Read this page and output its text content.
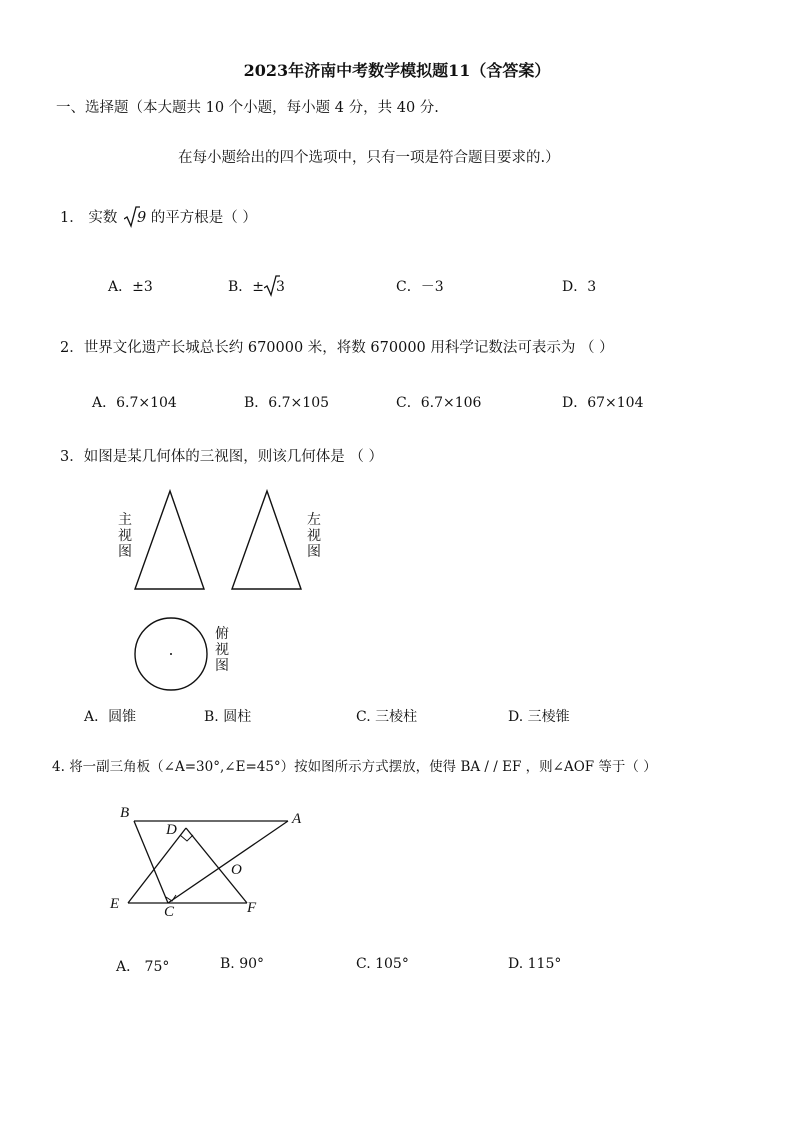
2023年济南中考数学模拟题11（含答案）
一、选择题（本大题共 10 个小题，每小题 4 分，共 40 分.
在每小题给出的四个选项中，只有一项是符合题目要求的.）
1． 实数 9 的平方根是（ ）
A．±3	B．± 3	C．－3	D．3
2．世界文化遗产长城总长约 670000 米，将数 670000 用科学记数法可表示为 （ ）
A．6.7×104	B．6.7×105	C．6.7×106	D．67×104
3．如图是某几何体的三视图，则该几何体是 （ ）
主
视
图
左
视
图
俯
视
图
A．圆锥	B. 圆柱	C. 三棱柱	D. 三棱锥
4. 将一副三角板（∠A=30°,∠E=45°）按如图所示方式摆放，使得 BA / / EF ，则∠AOF 等于（ ）
B
D
A
O
E	C	F
A． 75°	B. 90°	C. 105°	D. 115°
